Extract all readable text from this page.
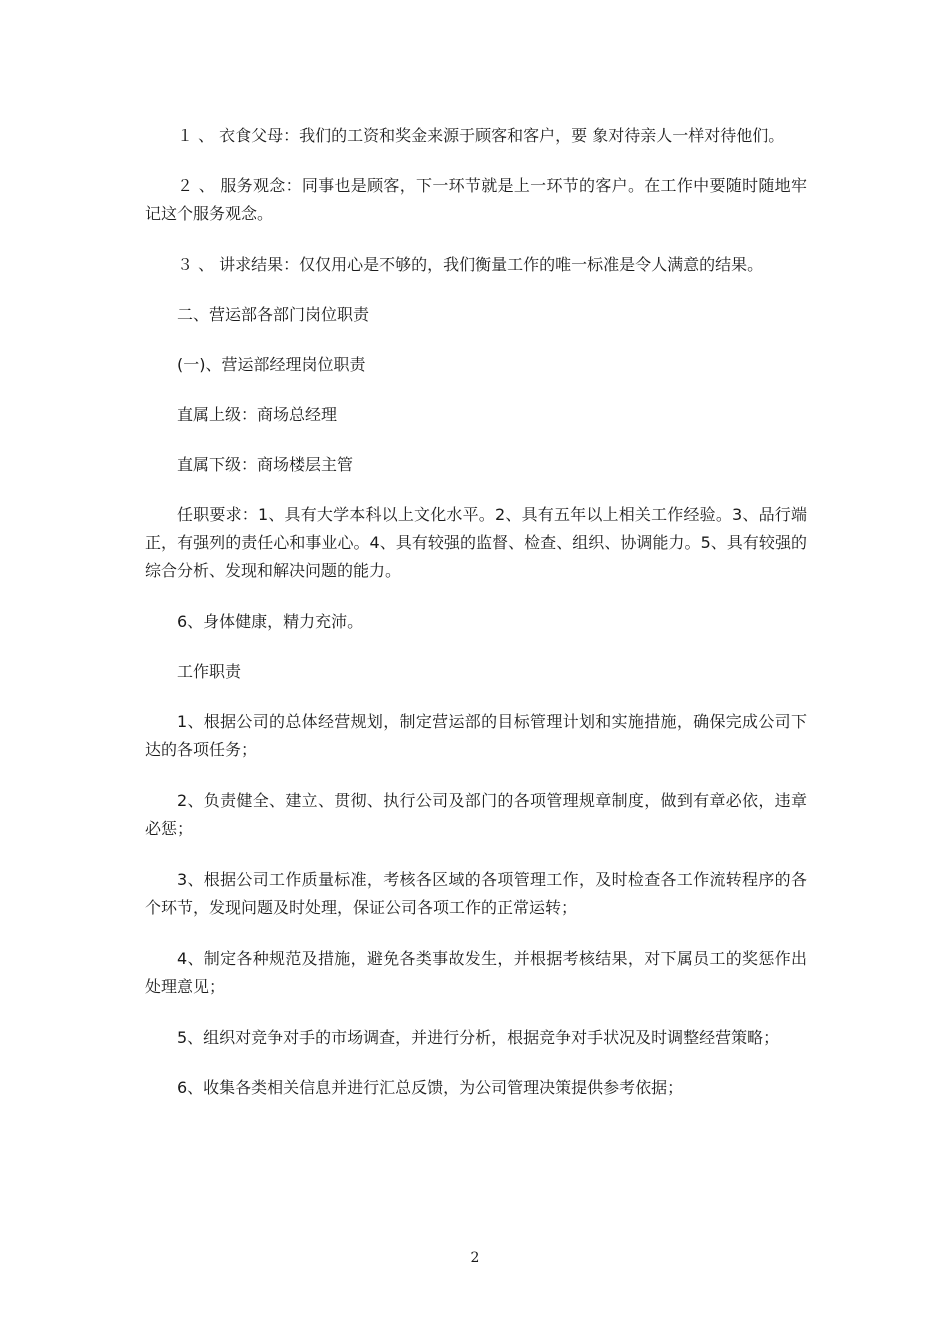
１ 、 衣食父母：我们的工资和奖金来源于顾客和客户，要 象对待亲人一样对待他们。

２ 、 服务观念：同事也是顾客，下一环节就是上一环节的客户。在工作中要随时随地牢记这个服务观念。

３ 、 讲求结果：仅仅用心是不够的，我们衡量工作的唯一标准是令人满意的结果。

二、营运部各部门岗位职责

(一)、营运部经理岗位职责

直属上级：商场总经理

直属下级：商场楼层主管

任职要求：1、具有大学本科以上文化水平。2、具有五年以上相关工作经验。3、品行端正，有强列的责任心和事业心。4、具有较强的监督、检查、组织、协调能力。5、具有较强的综合分析、发现和解决问题的能力。

6、身体健康，精力充沛。

工作职责

1、根据公司的总体经营规划，制定营运部的目标管理计划和实施措施，确保完成公司下达的各项任务；

2、负责健全、建立、贯彻、执行公司及部门的各项管理规章制度，做到有章必依，违章必惩；

3、根据公司工作质量标准，考核各区域的各项管理工作，及时检查各工作流转程序的各个环节，发现问题及时处理，保证公司各项工作的正常运转；

4、制定各种规范及措施，避免各类事故发生，并根据考核结果，对下属员工的奖惩作出处理意见；

5、组织对竞争对手的市场调查，并进行分析，根据竞争对手状况及时调整经营策略；

6、收集各类相关信息并进行汇总反馈，为公司管理决策提供参考依据；

2
